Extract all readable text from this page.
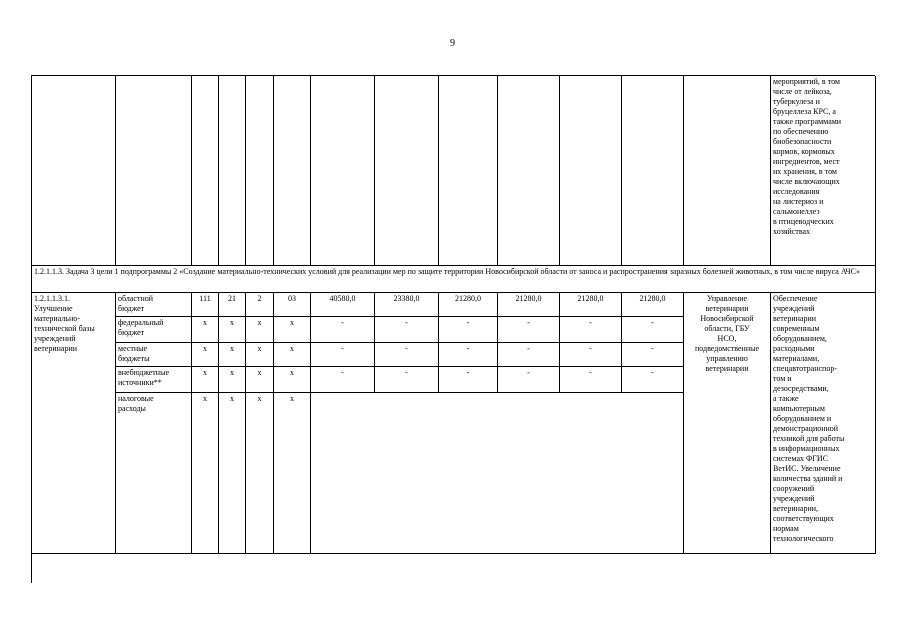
9
мероприятий, в том
числе от лейкоза,
туберкулеза и
бруцеллеза КРС, а
также программами
по обеспечению
биобезопасности
кормов, кормовых
ингредиентов, мест
их хранения, в том
числе включающих
исследования
на листериоз и
сальмонеллез
в птицеводческих
хозяйствах
1.2.1.1.3. Задача 3 цели 1 подпрограммы 2 «Создание материально-технических условий для реализации мер по защите территории Новосибирской области от заноса и распространения заразных болезней животных, в том числе вируса АЧС»
1.2.1.1.3.1.
Улучшение
материально-
технической базы
учреждений
ветеринарии
областной
бюджет
111	21	2	03	40580,0	23380,0	21280,0	21280,0	21280,0	21280,0
федеральный
бюджет
x	x	x	x	-	-	-	-	-	-
местные
бюджеты
x	x	x	x	-	-	-	-	-	-
внебюджетные
источники**
x	x	x	x	-	-	-	-	-	-
налоговые
расходы
x	x	x	x
Управление
ветеринарии
Новосибирской
области, ГБУ
НСО,
подведомственные
управлению
ветеринарии
Обеспечение
учреждений
ветеринарии
современным
оборудованием,
расходными
материалами,
спецавтотранспор-
том и
дезосредствами,
а также
компьютерным
оборудованием и
демонстрационной
техникой для работы
в информационных
системах ФГИС
ВетИС. Увеличение
количества зданий и
сооружений
учреждений
ветеринарии,
соответствующих
нормам
технологического
